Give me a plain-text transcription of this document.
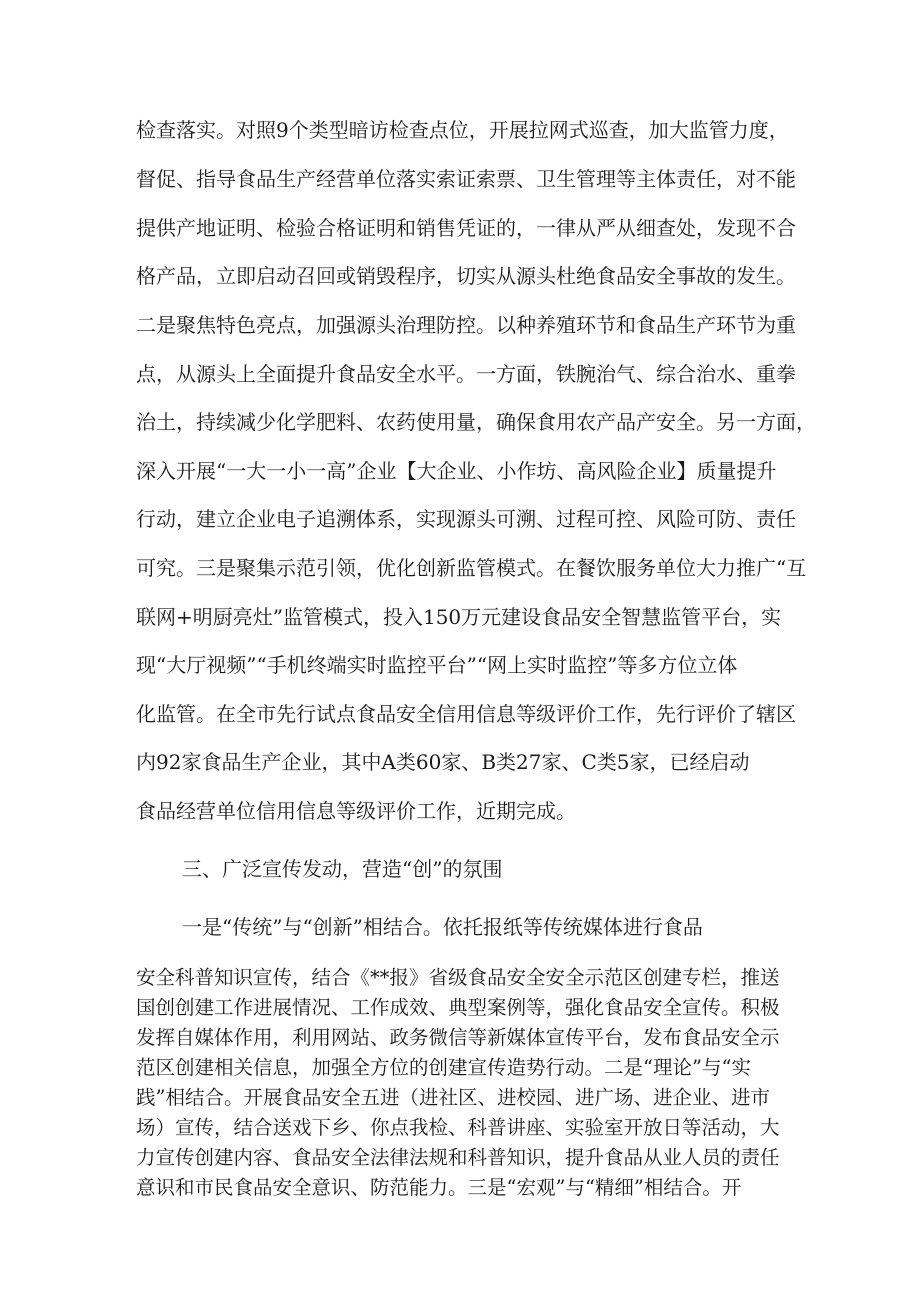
检查落实。对照9个类型暗访检查点位，开展拉网式巡查，加大监管力度，
督促、指导食品生产经营单位落实索证索票、卫生管理等主体责任，对不能
提供产地证明、检验合格证明和销售凭证的，一律从严从细查处，发现不合
格产品，立即启动召回或销毁程序，切实从源头杜绝食品安全事故的发生。
二是聚焦特色亮点，加强源头治理防控。以种养殖环节和食品生产环节为重
点，从源头上全面提升食品安全水平。一方面，铁腕治气、综合治水、重拳
治土，持续减少化学肥料、农药使用量，确保食用农产品产安全。另一方面，
深入开展“一大一小一高”企业【大企业、小作坊、高风险企业】质量提升
行动，建立企业电子追溯体系，实现源头可溯、过程可控、风险可防、责任
可究。三是聚集示范引领，优化创新监管模式。在餐饮服务单位大力推广“互
联网+明厨亮灶”监管模式，投入150万元建设食品安全智慧监管平台，实
现“大厅视频”“手机终端实时监控平台”“网上实时监控”等多方位立体
化监管。在全市先行试点食品安全信用信息等级评价工作，先行评价了辖区
内92家食品生产企业，其中A类60家、B类27家、C类5家，已经启动
食品经营单位信用信息等级评价工作，近期完成。
三、广泛宣传发动，营造“创”的氛围
一是“传统”与“创新”相结合。依托报纸等传统媒体进行食品
安全科普知识宣传，结合《**报》省级食品安全安全示范区创建专栏，推送
国创创建工作进展情况、工作成效、典型案例等，强化食品安全宣传。积极
发挥自媒体作用，利用网站、政务微信等新媒体宣传平台，发布食品安全示
范区创建相关信息，加强全方位的创建宣传造势行动。二是“理论”与“实
践”相结合。开展食品安全五进（进社区、进校园、进广场、进企业、进市
场）宣传，结合送戏下乡、你点我检、科普讲座、实验室开放日等活动，大
力宣传创建内容、食品安全法律法规和科普知识，提升食品从业人员的责任
意识和市民食品安全意识、防范能力。三是“宏观”与“精细”相结合。开
